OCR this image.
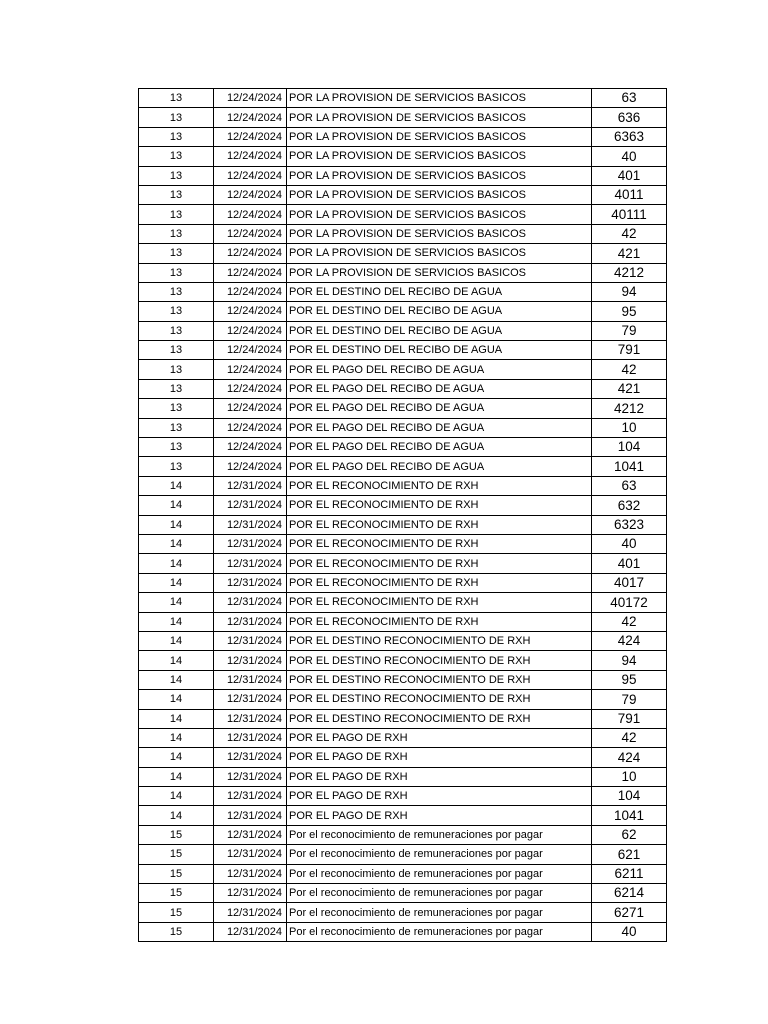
13	12/24/2024	POR LA PROVISION DE SERVICIOS BASICOS	63
13	12/24/2024	POR LA PROVISION DE SERVICIOS BASICOS	636
13	12/24/2024	POR LA PROVISION DE SERVICIOS BASICOS	6363
13	12/24/2024	POR LA PROVISION DE SERVICIOS BASICOS	40
13	12/24/2024	POR LA PROVISION DE SERVICIOS BASICOS	401
13	12/24/2024	POR LA PROVISION DE SERVICIOS BASICOS	4011
13	12/24/2024	POR LA PROVISION DE SERVICIOS BASICOS	40111
13	12/24/2024	POR LA PROVISION DE SERVICIOS BASICOS	42
13	12/24/2024	POR LA PROVISION DE SERVICIOS BASICOS	421
13	12/24/2024	POR LA PROVISION DE SERVICIOS BASICOS	4212
13	12/24/2024	POR EL DESTINO DEL RECIBO DE AGUA	94
13	12/24/2024	POR EL DESTINO DEL RECIBO DE AGUA	95
13	12/24/2024	POR EL DESTINO DEL RECIBO DE AGUA	79
13	12/24/2024	POR EL DESTINO DEL RECIBO DE AGUA	791
13	12/24/2024	POR EL PAGO DEL RECIBO DE AGUA	42
13	12/24/2024	POR EL PAGO DEL RECIBO DE AGUA	421
13	12/24/2024	POR EL PAGO DEL RECIBO DE AGUA	4212
13	12/24/2024	POR EL PAGO DEL RECIBO DE AGUA	10
13	12/24/2024	POR EL PAGO DEL RECIBO DE AGUA	104
13	12/24/2024	POR EL PAGO DEL RECIBO DE AGUA	1041
14	12/31/2024	POR EL RECONOCIMIENTO DE RXH	63
14	12/31/2024	POR EL RECONOCIMIENTO DE RXH	632
14	12/31/2024	POR EL RECONOCIMIENTO DE RXH	6323
14	12/31/2024	POR EL RECONOCIMIENTO DE RXH	40
14	12/31/2024	POR EL RECONOCIMIENTO DE RXH	401
14	12/31/2024	POR EL RECONOCIMIENTO DE RXH	4017
14	12/31/2024	POR EL RECONOCIMIENTO DE RXH	40172
14	12/31/2024	POR EL RECONOCIMIENTO DE RXH	42
14	12/31/2024	POR EL DESTINO RECONOCIMIENTO DE RXH	424
14	12/31/2024	POR EL DESTINO RECONOCIMIENTO DE RXH	94
14	12/31/2024	POR EL DESTINO RECONOCIMIENTO DE RXH	95
14	12/31/2024	POR EL DESTINO RECONOCIMIENTO DE RXH	79
14	12/31/2024	POR EL DESTINO RECONOCIMIENTO DE RXH	791
14	12/31/2024	POR EL PAGO DE RXH	42
14	12/31/2024	POR EL PAGO DE RXH	424
14	12/31/2024	POR EL PAGO DE RXH	10
14	12/31/2024	POR EL PAGO DE RXH	104
14	12/31/2024	POR EL PAGO DE RXH	1041
15	12/31/2024	Por el reconocimiento de remuneraciones por pagar	62
15	12/31/2024	Por el reconocimiento de remuneraciones por pagar	621
15	12/31/2024	Por el reconocimiento de remuneraciones por pagar	6211
15	12/31/2024	Por el reconocimiento de remuneraciones por pagar	6214
15	12/31/2024	Por el reconocimiento de remuneraciones por pagar	6271
15	12/31/2024	Por el reconocimiento de remuneraciones por pagar	40
